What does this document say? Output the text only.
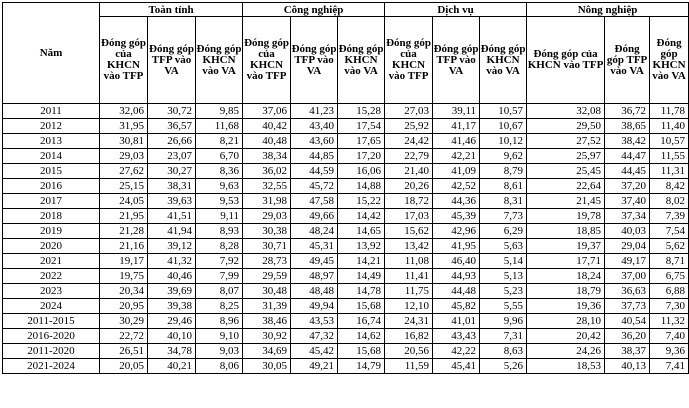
Năm	Toàn tỉnh			Công nghiệp			Dịch vụ			Nông nghiệp		
	Đóng góp của KHCN vào TFP	Đóng góp TFP vào VA	Đóng góp KHCN vào VA	Đóng góp của KHCN vào TFP	Đóng góp TFP vào VA	Đóng góp KHCN vào VA	Đóng góp của KHCN vào TFP	Đóng góp TFP vào VA	Đóng góp KHCN vào VA	Đóng góp của KHCN vào TFP	Đóng góp TFP vào VA	Đóng góp KHCN vào VA
2011	32,06	30,72	9,85	37,06	41,23	15,28	27,03	39,11	10,57	32,08	36,72	11,78
2012	31,95	36,57	11,68	40,42	43,40	17,54	25,92	41,17	10,67	29,50	38,65	11,40
2013	30,81	26,66	8,21	40,48	43,60	17,65	24,42	41,46	10,12	27,52	38,42	10,57
2014	29,03	23,07	6,70	38,34	44,85	17,20	22,79	42,21	9,62	25,97	44,47	11,55
2015	27,62	30,27	8,36	36,02	44,59	16,06	21,40	41,09	8,79	25,45	44,45	11,31
2016	25,15	38,31	9,63	32,55	45,72	14,88	20,26	42,52	8,61	22,64	37,20	8,42
2017	24,05	39,63	9,53	31,98	47,58	15,22	18,72	44,36	8,31	21,45	37,40	8,02
2018	21,95	41,51	9,11	29,03	49,66	14,42	17,03	45,39	7,73	19,78	37,34	7,39
2019	21,28	41,94	8,93	30,38	48,24	14,65	15,62	42,96	6,29	18,85	40,03	7,54
2020	21,16	39,12	8,28	30,71	45,31	13,92	13,42	41,95	5,63	19,37	29,04	5,62
2021	19,17	41,32	7,92	28,73	49,45	14,21	11,08	46,40	5,14	17,71	49,17	8,71
2022	19,75	40,46	7,99	29,59	48,97	14,49	11,41	44,93	5,13	18,24	37,00	6,75
2023	20,34	39,69	8,07	30,48	48,48	14,78	11,75	44,48	5,23	18,79	36,63	6,88
2024	20,95	39,38	8,25	31,39	49,94	15,68	12,10	45,82	5,55	19,36	37,73	7,30
2011-2015	30,29	29,46	8,96	38,46	43,53	16,74	24,31	41,01	9,96	28,10	40,54	11,32
2016-2020	22,72	40,10	9,10	30,92	47,32	14,62	16,82	43,43	7,31	20,42	36,20	7,40
2011-2020	26,51	34,78	9,03	34,69	45,42	15,68	20,56	42,22	8,63	24,26	38,37	9,36
2021-2024	20,05	40,21	8,06	30,05	49,21	14,79	11,59	45,41	5,26	18,53	40,13	7,41
